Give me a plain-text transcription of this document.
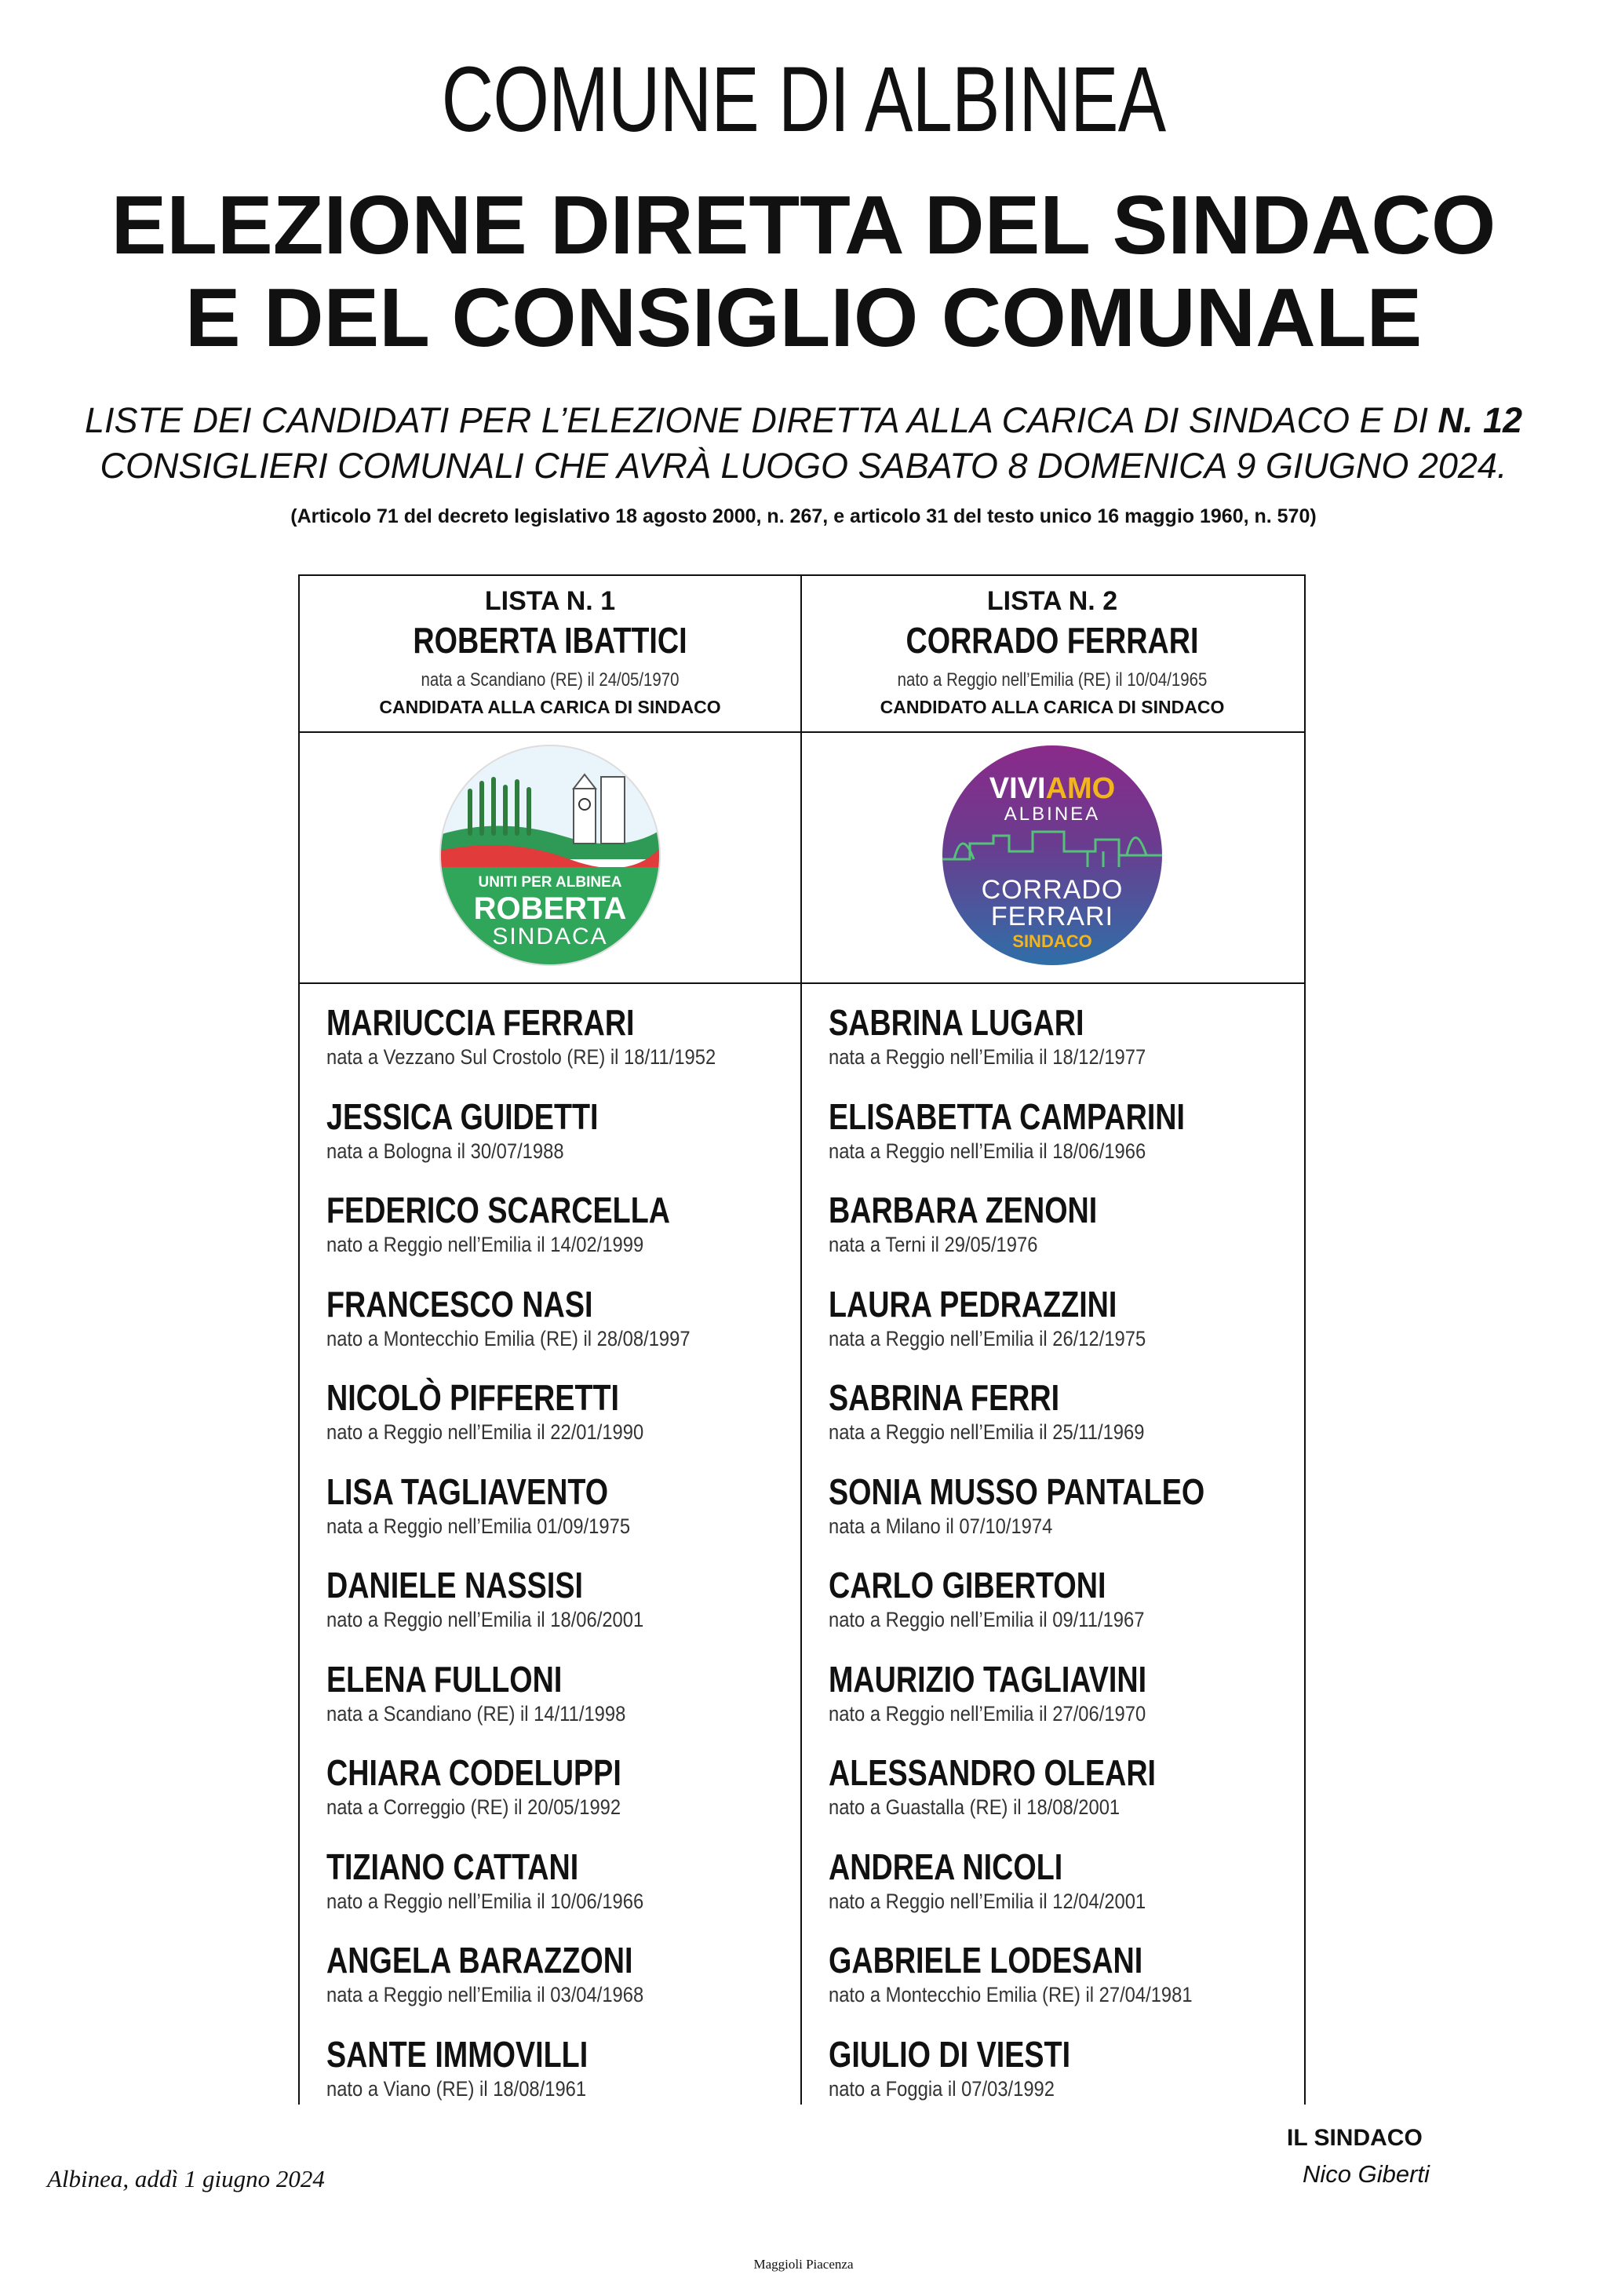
COMUNE DI ALBINEA
ELEZIONE DIRETTA DEL SINDACO
E DEL CONSIGLIO COMUNALE
LISTE DEI CANDIDATI PER L’ELEZIONE DIRETTA ALLA CARICA DI SINDACO E DI N. 12
CONSIGLIERI COMUNALI CHE AVRÀ LUOGO SABATO 8 DOMENICA 9 GIUGNO 2024.
(Articolo 71 del decreto legislativo 18 agosto 2000, n. 267, e articolo 31 del testo unico 16 maggio 1960, n. 570)
LISTA N. 1
ROBERTA IBATTICI
nata a Scandiano (RE) il 24/05/1970
CANDIDATA ALLA CARICA DI SINDACO
UNITI PER ALBINEA
ROBERTA
SINDACA
MARIUCCIA FERRARI
nata a Vezzano Sul Crostolo (RE) il 18/11/1952
JESSICA GUIDETTI
nata a Bologna il 30/07/1988
FEDERICO SCARCELLA
nato a Reggio nell’Emilia il 14/02/1999
FRANCESCO NASI
nato a Montecchio Emilia (RE) il 28/08/1997
NICOLÒ PIFFERETTI
nato a Reggio nell’Emilia il 22/01/1990
LISA TAGLIAVENTO
nata a Reggio nell’Emilia 01/09/1975
DANIELE NASSISI
nato a Reggio nell’Emilia il 18/06/2001
ELENA FULLONI
nata a Scandiano (RE) il 14/11/1998
CHIARA CODELUPPI
nata a Correggio (RE) il 20/05/1992
TIZIANO CATTANI
nato a Reggio nell’Emilia il 10/06/1966
ANGELA BARAZZONI
nata a Reggio nell’Emilia il 03/04/1968
SANTE IMMOVILLI
nato a Viano (RE) il 18/08/1961
LISTA N. 2
CORRADO FERRARI
nato a Reggio nell’Emilia (RE) il 10/04/1965
CANDIDATO ALLA CARICA DI SINDACO
VIVIAMO
ALBINEA
CORRADO
FERRARI
SINDACO
SABRINA LUGARI
nata a Reggio nell’Emilia il 18/12/1977
ELISABETTA CAMPARINI
nata a Reggio nell’Emilia il 18/06/1966
BARBARA ZENONI
nata a Terni il 29/05/1976
LAURA PEDRAZZINI
nata a Reggio nell’Emilia il 26/12/1975
SABRINA FERRI
nata a Reggio nell’Emilia il 25/11/1969
SONIA MUSSO PANTALEO
nata a Milano il 07/10/1974
CARLO GIBERTONI
nato a Reggio nell’Emilia il 09/11/1967
MAURIZIO TAGLIAVINI
nato a Reggio nell’Emilia il 27/06/1970
ALESSANDRO OLEARI
nato a Guastalla (RE) il 18/08/2001
ANDREA NICOLI
nato a Reggio nell’Emilia il 12/04/2001
GABRIELE LODESANI
nato a Montecchio Emilia (RE) il 27/04/1981
GIULIO DI VIESTI
nato a Foggia il 07/03/1992
IL SINDACO
Nico Giberti
Albinea, addì 1 giugno 2024
Maggioli Piacenza
